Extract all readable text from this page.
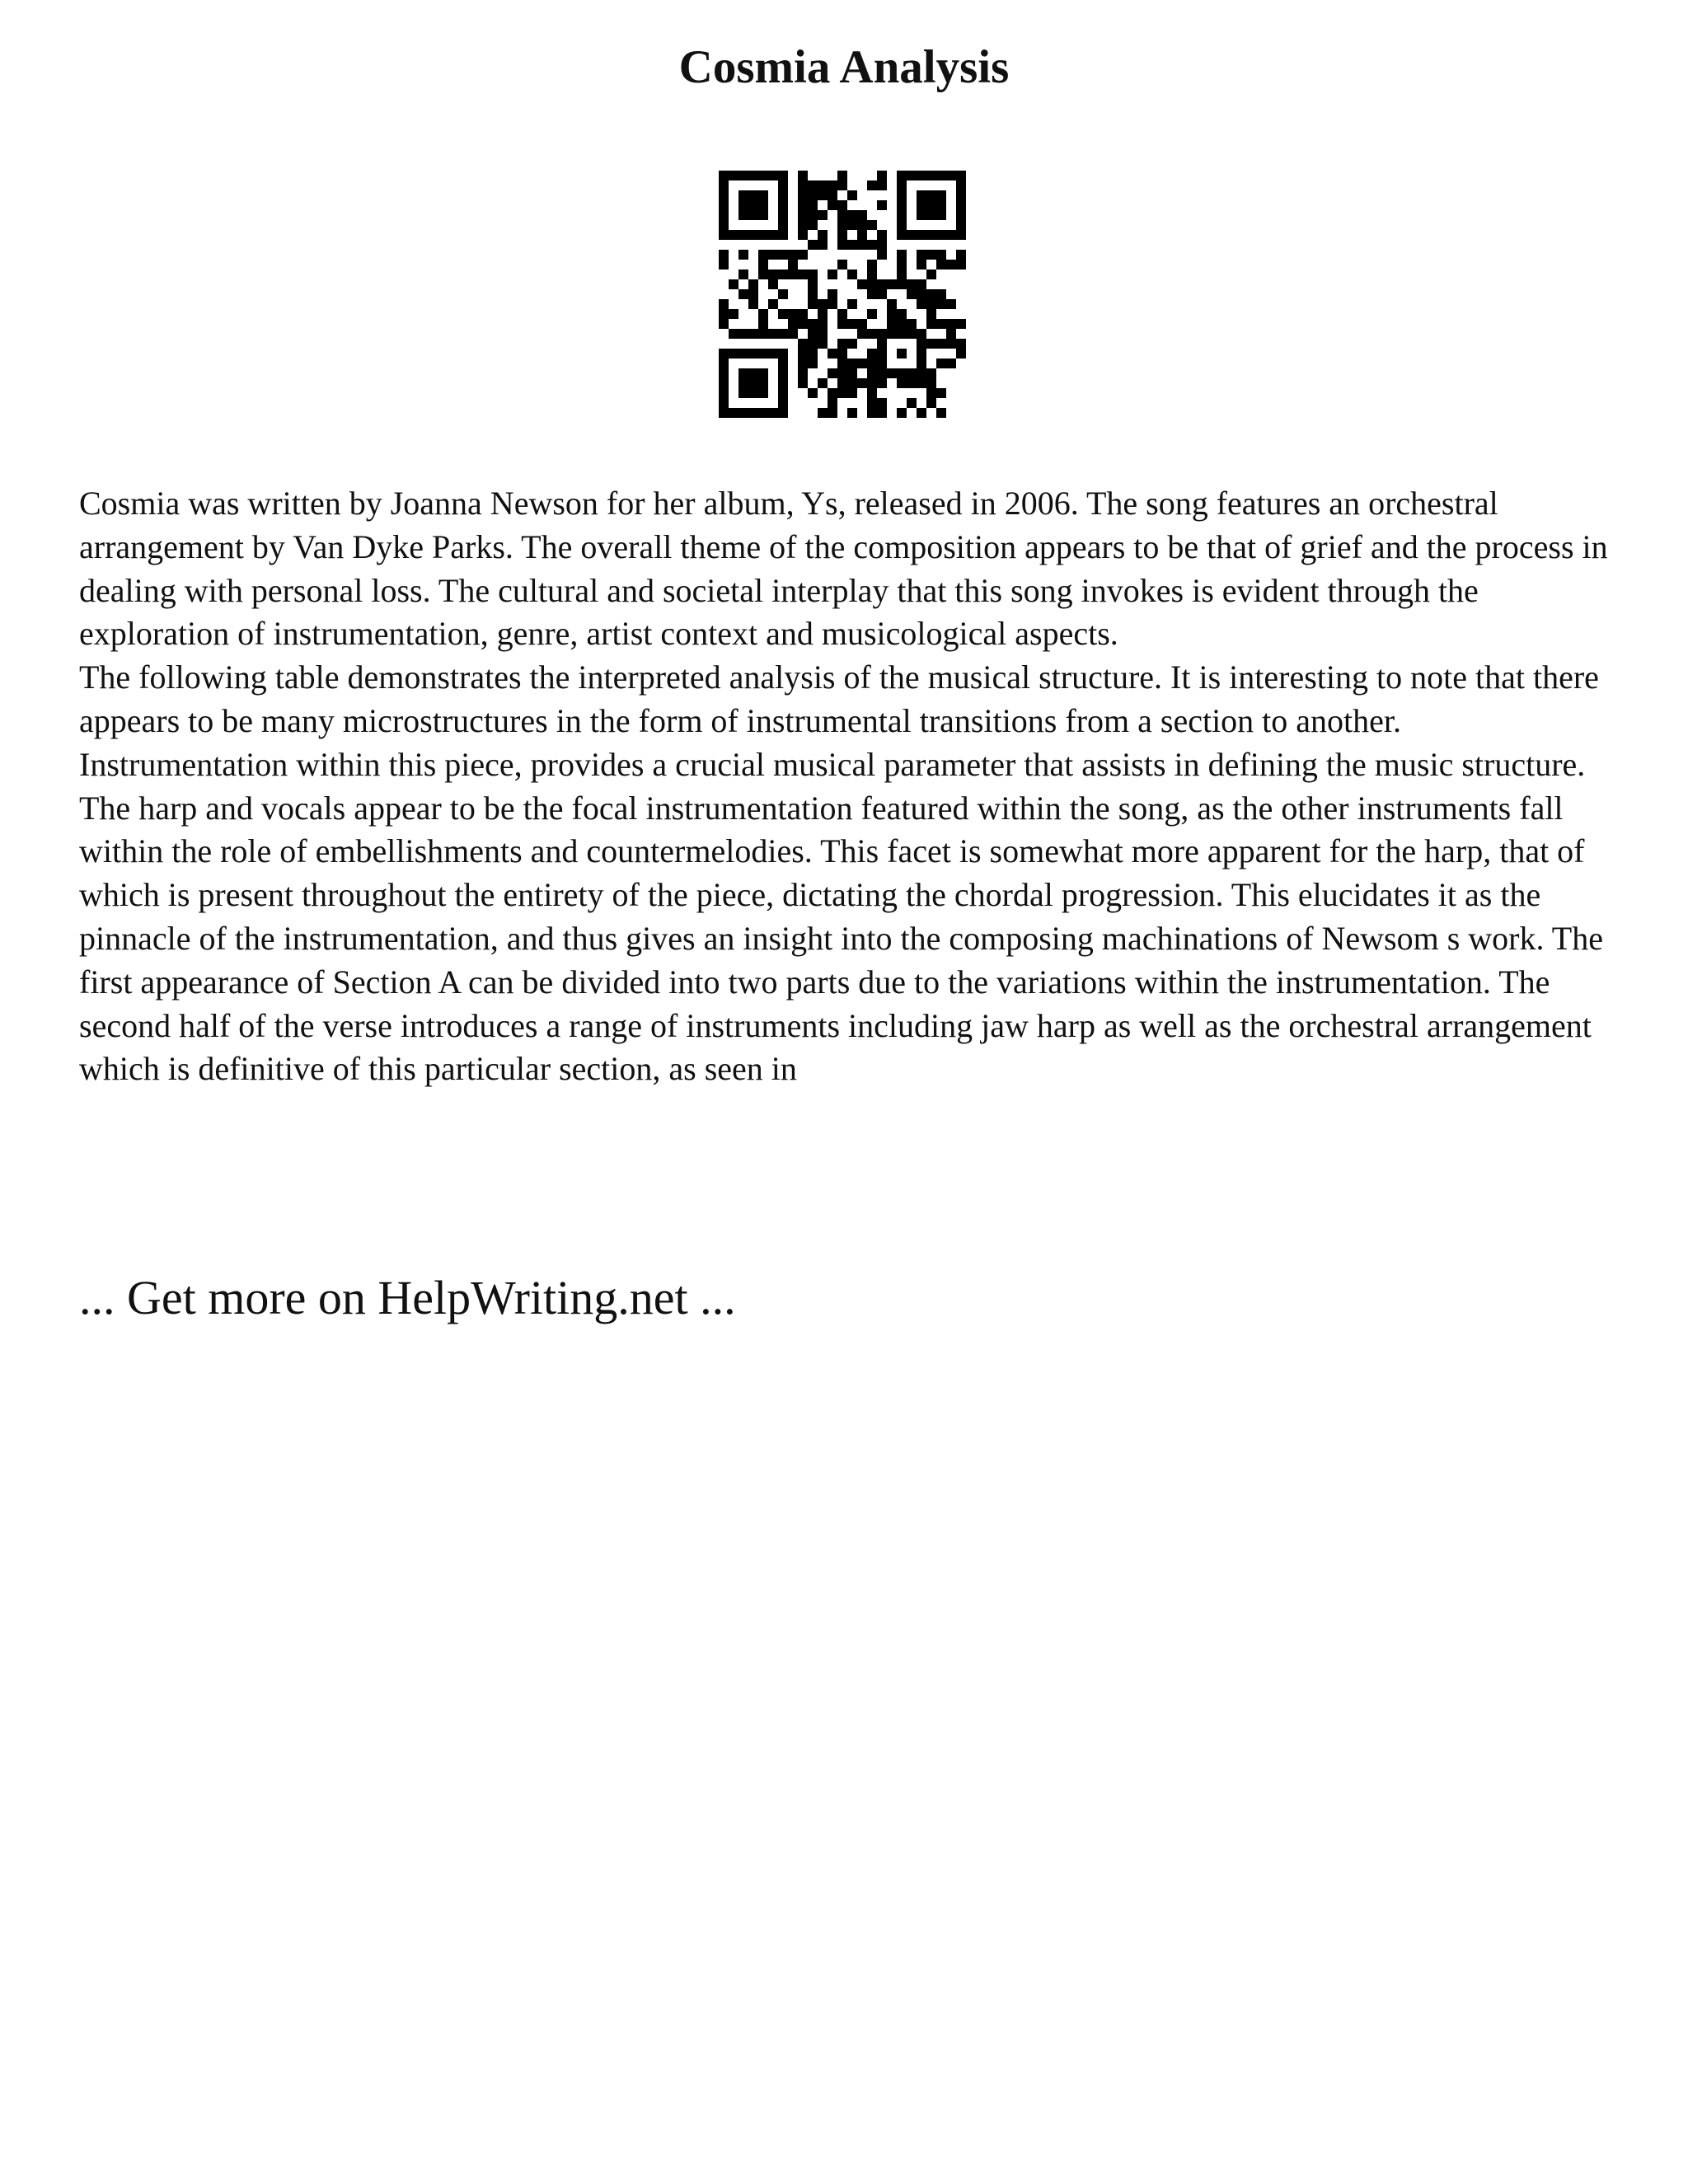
Cosmia Analysis

Cosmia was written by Joanna Newson for her album, Ys, released in 2006. The song features an orchestral arrangement by Van Dyke Parks. The overall theme of the composition appears to be that of grief and the process in dealing with personal loss. The cultural and societal interplay that this song invokes is evident through the exploration of instrumentation, genre, artist context and musicological aspects.

The following table demonstrates the interpreted analysis of the musical structure. It is interesting to note that there appears to be many microstructures in the form of instrumental transitions from a section to another.

Instrumentation within this piece, provides a crucial musical parameter that assists in defining the music structure. The harp and vocals appear to be the focal instrumentation featured within the song, as the other instruments fall within the role of embellishments and countermelodies. This facet is somewhat more apparent for the harp, that of which is present throughout the entirety of the piece, dictating the chordal progression. This elucidates it as the pinnacle of the instrumentation, and thus gives an insight into the composing machinations of Newsom s work. The first appearance of Section A can be divided into two parts due to the variations within the instrumentation. The second half of the verse introduces a range of instruments including jaw harp as well as the orchestral arrangement which is definitive of this particular section, as seen in

... Get more on HelpWriting.net ...
